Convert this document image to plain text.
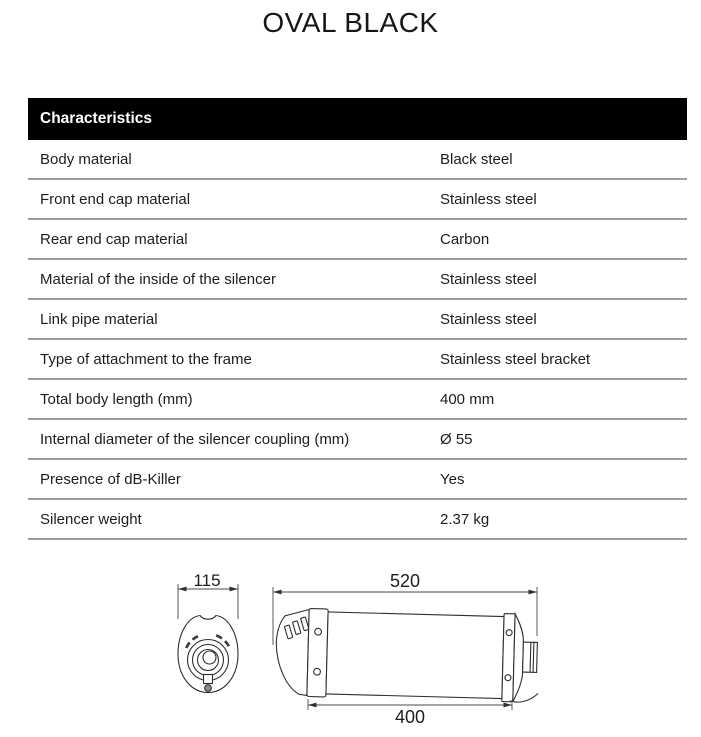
OVAL BLACK
Characteristics
Body material	Black steel
Front end cap material	Stainless steel
Rear end cap material	Carbon
Material of the inside of the silencer	Stainless steel
Link pipe material	Stainless steel
Type of attachment to the frame	Stainless steel bracket
Total body length (mm)	400 mm
Internal diameter of the silencer coupling (mm)	Ø 55
Presence of dB-Killer	Yes
Silencer weight	2.37 kg
115	520
400
